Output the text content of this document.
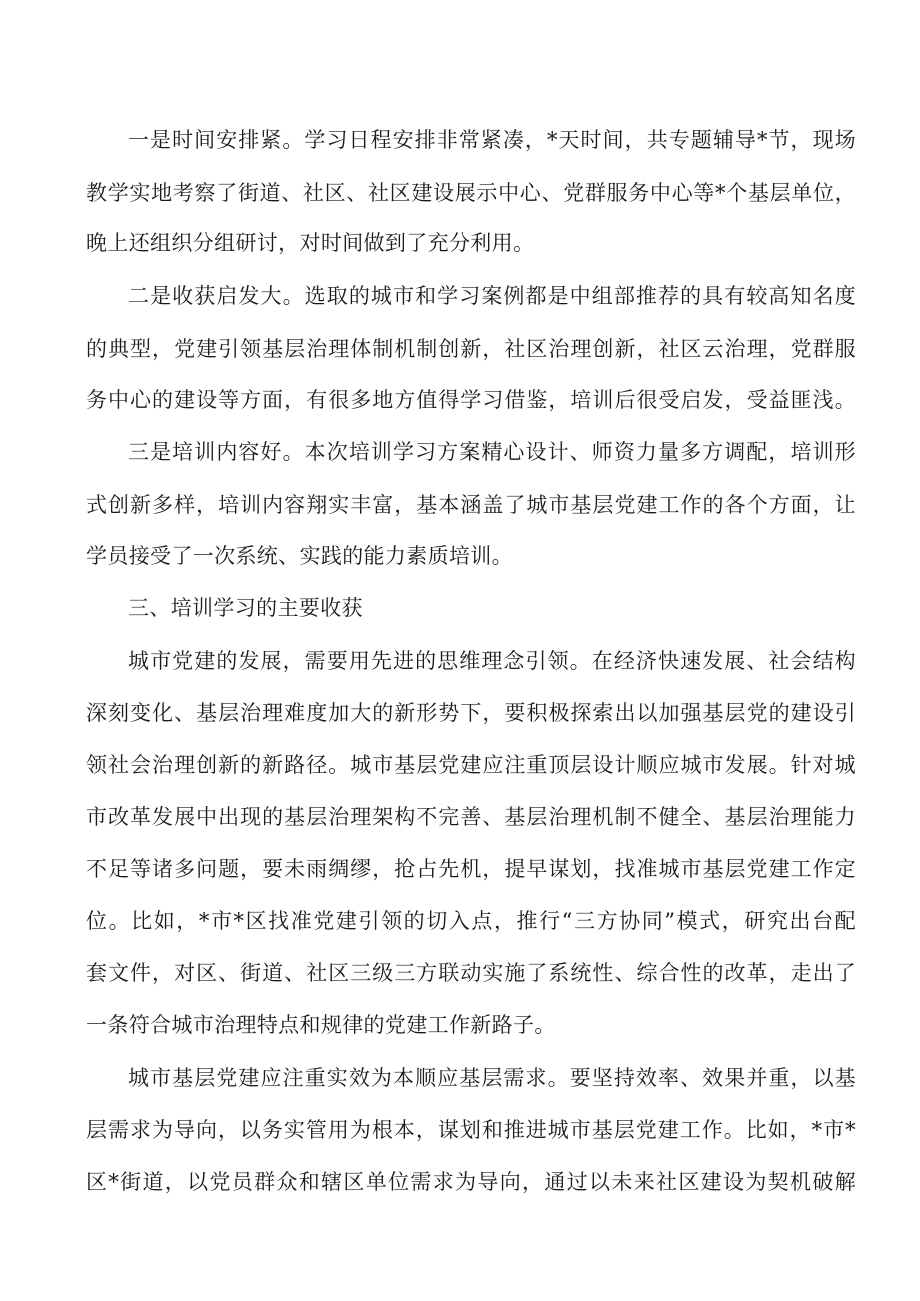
一是时间安排紧。学习日程安排非常紧凑，*天时间，共专题辅导*节，现场
教学实地考察了街道、社区、社区建设展示中心、党群服务中心等*个基层单位，
晚上还组织分组研讨，对时间做到了充分利用。
二是收获启发大。选取的城市和学习案例都是中组部推荐的具有较高知名度
的典型，党建引领基层治理体制机制创新，社区治理创新，社区云治理，党群服
务中心的建设等方面，有很多地方值得学习借鉴，培训后很受启发，受益匪浅。
三是培训内容好。本次培训学习方案精心设计、师资力量多方调配，培训形
式创新多样，培训内容翔实丰富，基本涵盖了城市基层党建工作的各个方面，让
学员接受了一次系统、实践的能力素质培训。
三、培训学习的主要收获
城市党建的发展，需要用先进的思维理念引领。在经济快速发展、社会结构
深刻变化、基层治理难度加大的新形势下，要积极探索出以加强基层党的建设引
领社会治理创新的新路径。城市基层党建应注重顶层设计顺应城市发展。针对城
市改革发展中出现的基层治理架构不完善、基层治理机制不健全、基层治理能力
不足等诸多问题，要未雨绸缪，抢占先机，提早谋划，找准城市基层党建工作定
位。比如，*市*区找准党建引领的切入点，推行“三方协同”模式，研究出台配
套文件，对区、街道、社区三级三方联动实施了系统性、综合性的改革，走出了
一条符合城市治理特点和规律的党建工作新路子。
城市基层党建应注重实效为本顺应基层需求。要坚持效率、效果并重，以基
层需求为导向，以务实管用为根本，谋划和推进城市基层党建工作。比如，*市*
区*街道，以党员群众和辖区单位需求为导向，通过以未来社区建设为契机破解
